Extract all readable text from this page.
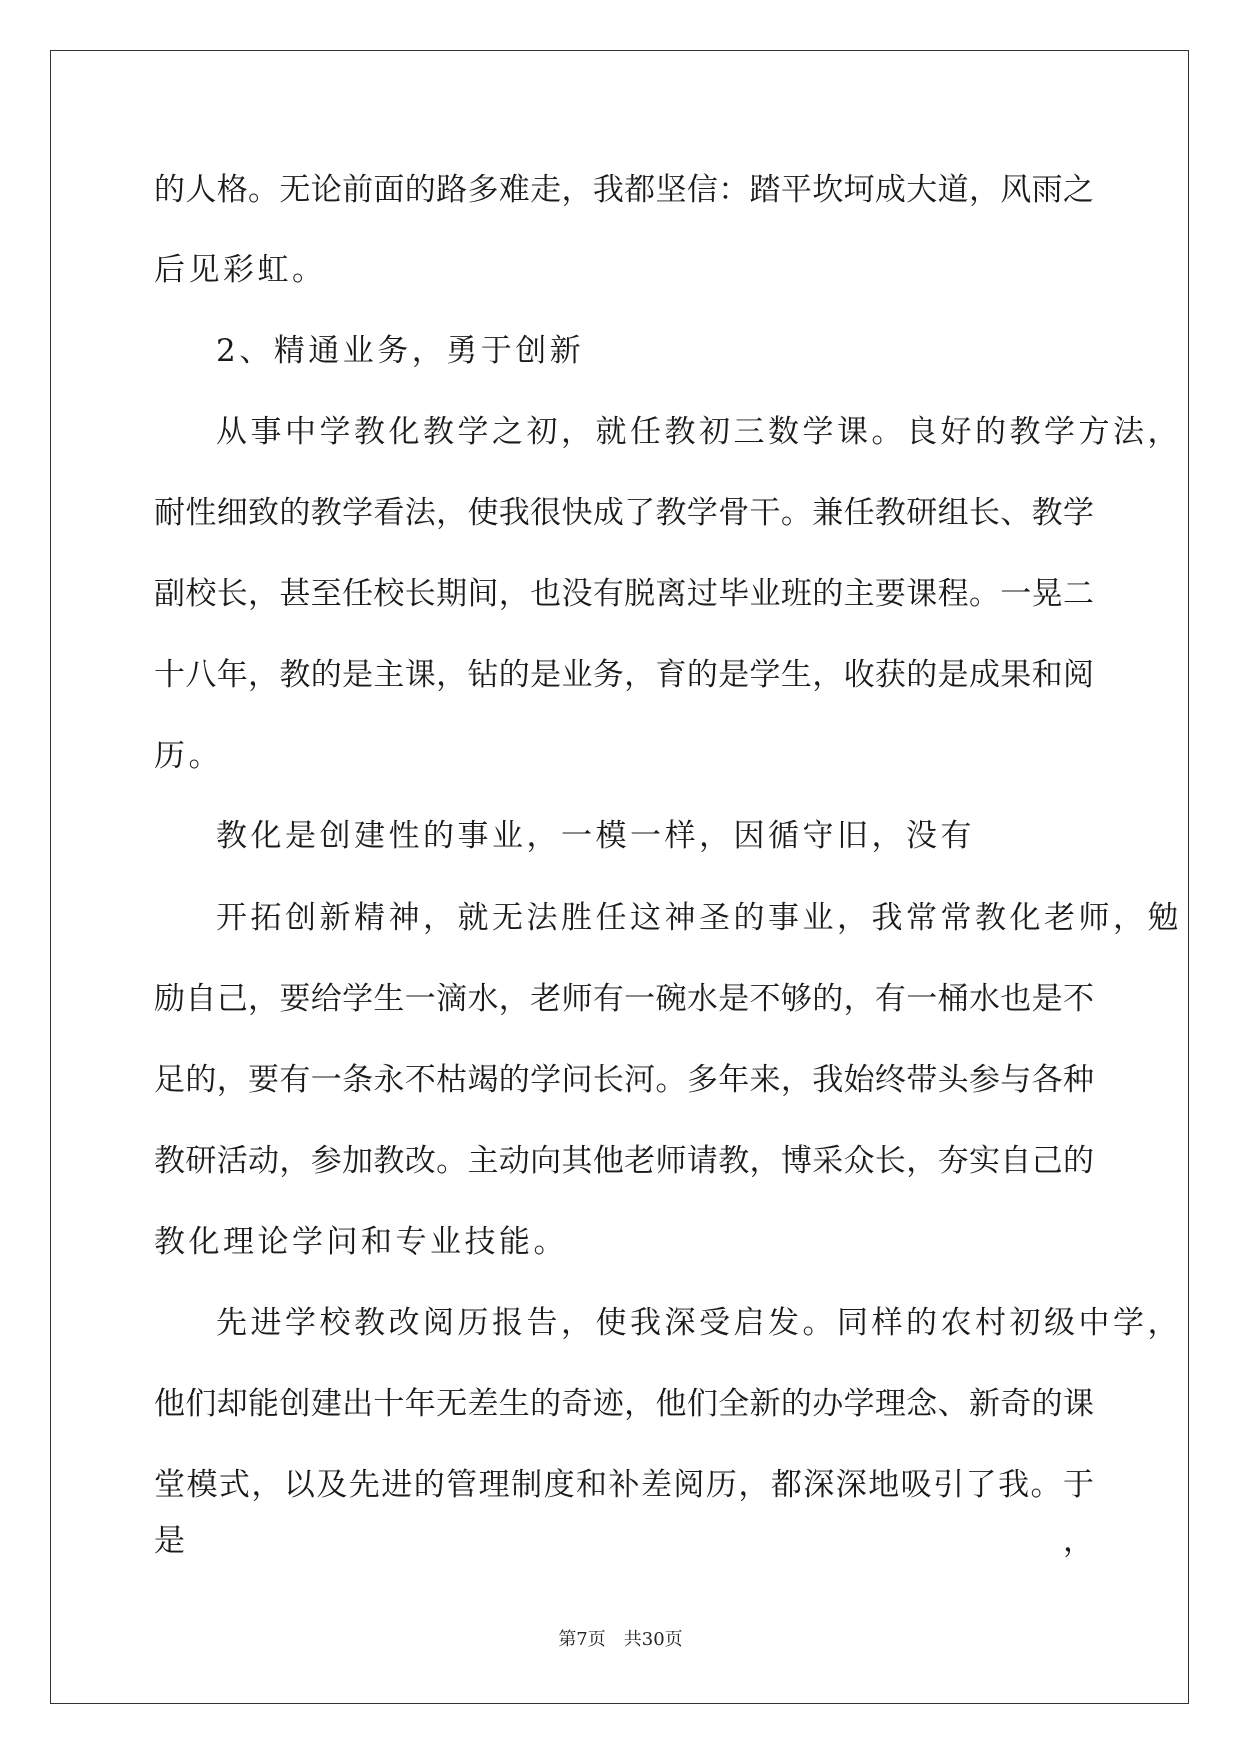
的人格。无论前面的路多难走，我都坚信：踏平坎坷成大道，风雨之
后见彩虹。
2、精通业务，勇于创新
从事中学教化教学之初，就任教初三数学课。良好的教学方法，
耐性细致的教学看法，使我很快成了教学骨干。兼任教研组长、教学
副校长，甚至任校长期间，也没有脱离过毕业班的主要课程。一晃二
十八年，教的是主课，钻的是业务，育的是学生，收获的是成果和阅
历。
教化是创建性的事业，一模一样，因循守旧，没有
开拓创新精神，就无法胜任这神圣的事业，我常常教化老师，勉
励自己，要给学生一滴水，老师有一碗水是不够的，有一桶水也是不
足的，要有一条永不枯竭的学问长河。多年来，我始终带头参与各种
教研活动，参加教改。主动向其他老师请教，博采众长，夯实自己的
教化理论学问和专业技能。
先进学校教改阅历报告，使我深受启发。同样的农村初级中学，
他们却能创建出十年无差生的奇迹，他们全新的办学理念、新奇的课
堂模式，以及先进的管理制度和补差阅历，都深深地吸引了我。于是，
第7页　共30页
